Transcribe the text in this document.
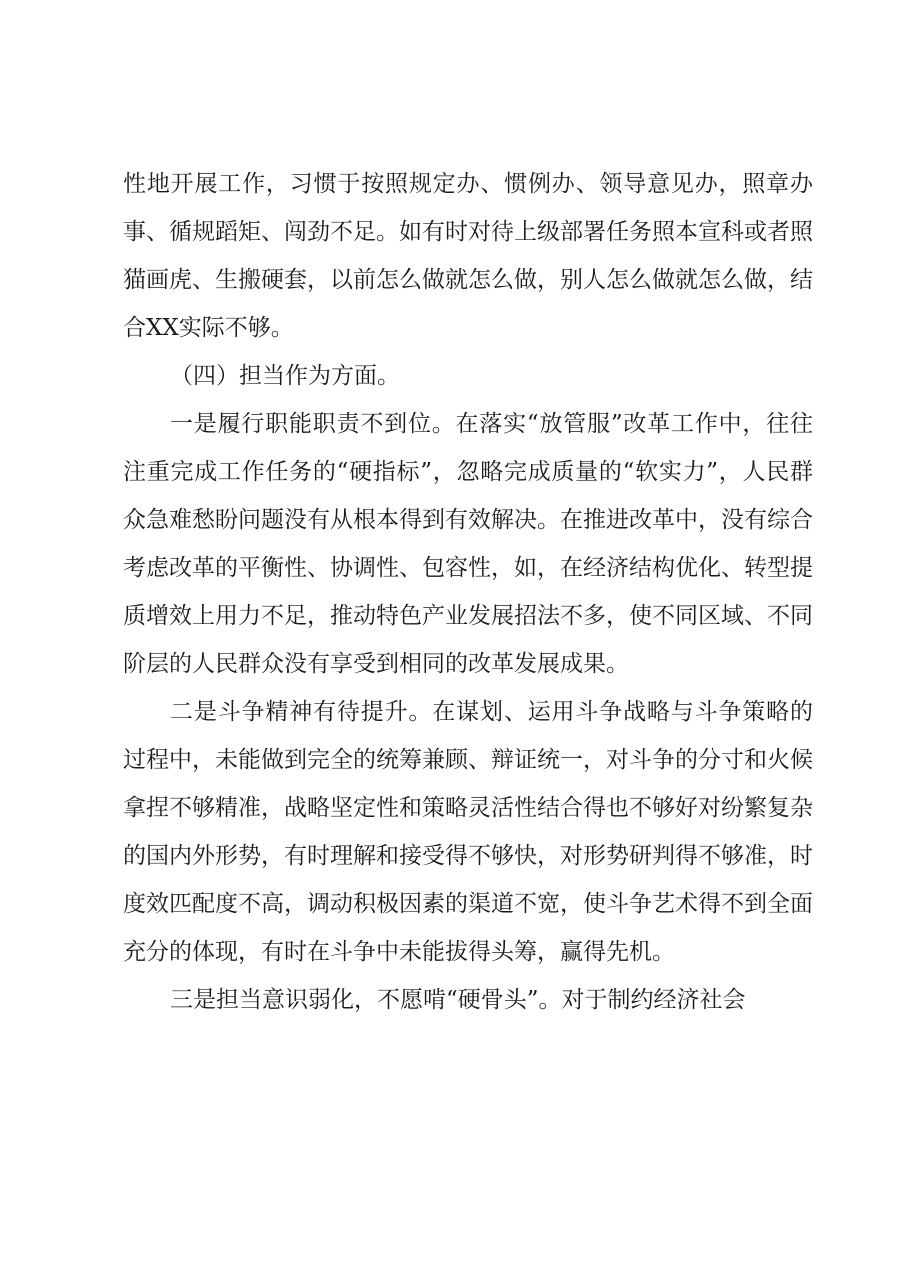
性地开展工作，习惯于按照规定办、惯例办、领导意见办，照章办事、循规蹈矩、闯劲不足。如有时对待上级部署任务照本宣科或者照猫画虎、生搬硬套，以前怎么做就怎么做，别人怎么做就怎么做，结合XX实际不够。

（四）担当作为方面。

一是履行职能职责不到位。在落实“放管服”改革工作中，往往注重完成工作任务的“硬指标”，忽略完成质量的“软实力”，人民群众急难愁盼问题没有从根本得到有效解决。在推进改革中，没有综合考虑改革的平衡性、协调性、包容性，如，在经济结构优化、转型提质增效上用力不足，推动特色产业发展招法不多，使不同区域、不同阶层的人民群众没有享受到相同的改革发展成果。

二是斗争精神有待提升。在谋划、运用斗争战略与斗争策略的过程中，未能做到完全的统筹兼顾、辩证统一，对斗争的分寸和火候拿捏不够精准，战略坚定性和策略灵活性结合得也不够好对纷繁复杂的国内外形势，有时理解和接受得不够快，对形势研判得不够准，时度效匹配度不高，调动积极因素的渠道不宽，使斗争艺术得不到全面充分的体现，有时在斗争中未能拔得头筹，赢得先机。

三是担当意识弱化，不愿啃“硬骨头”。对于制约经济社会
